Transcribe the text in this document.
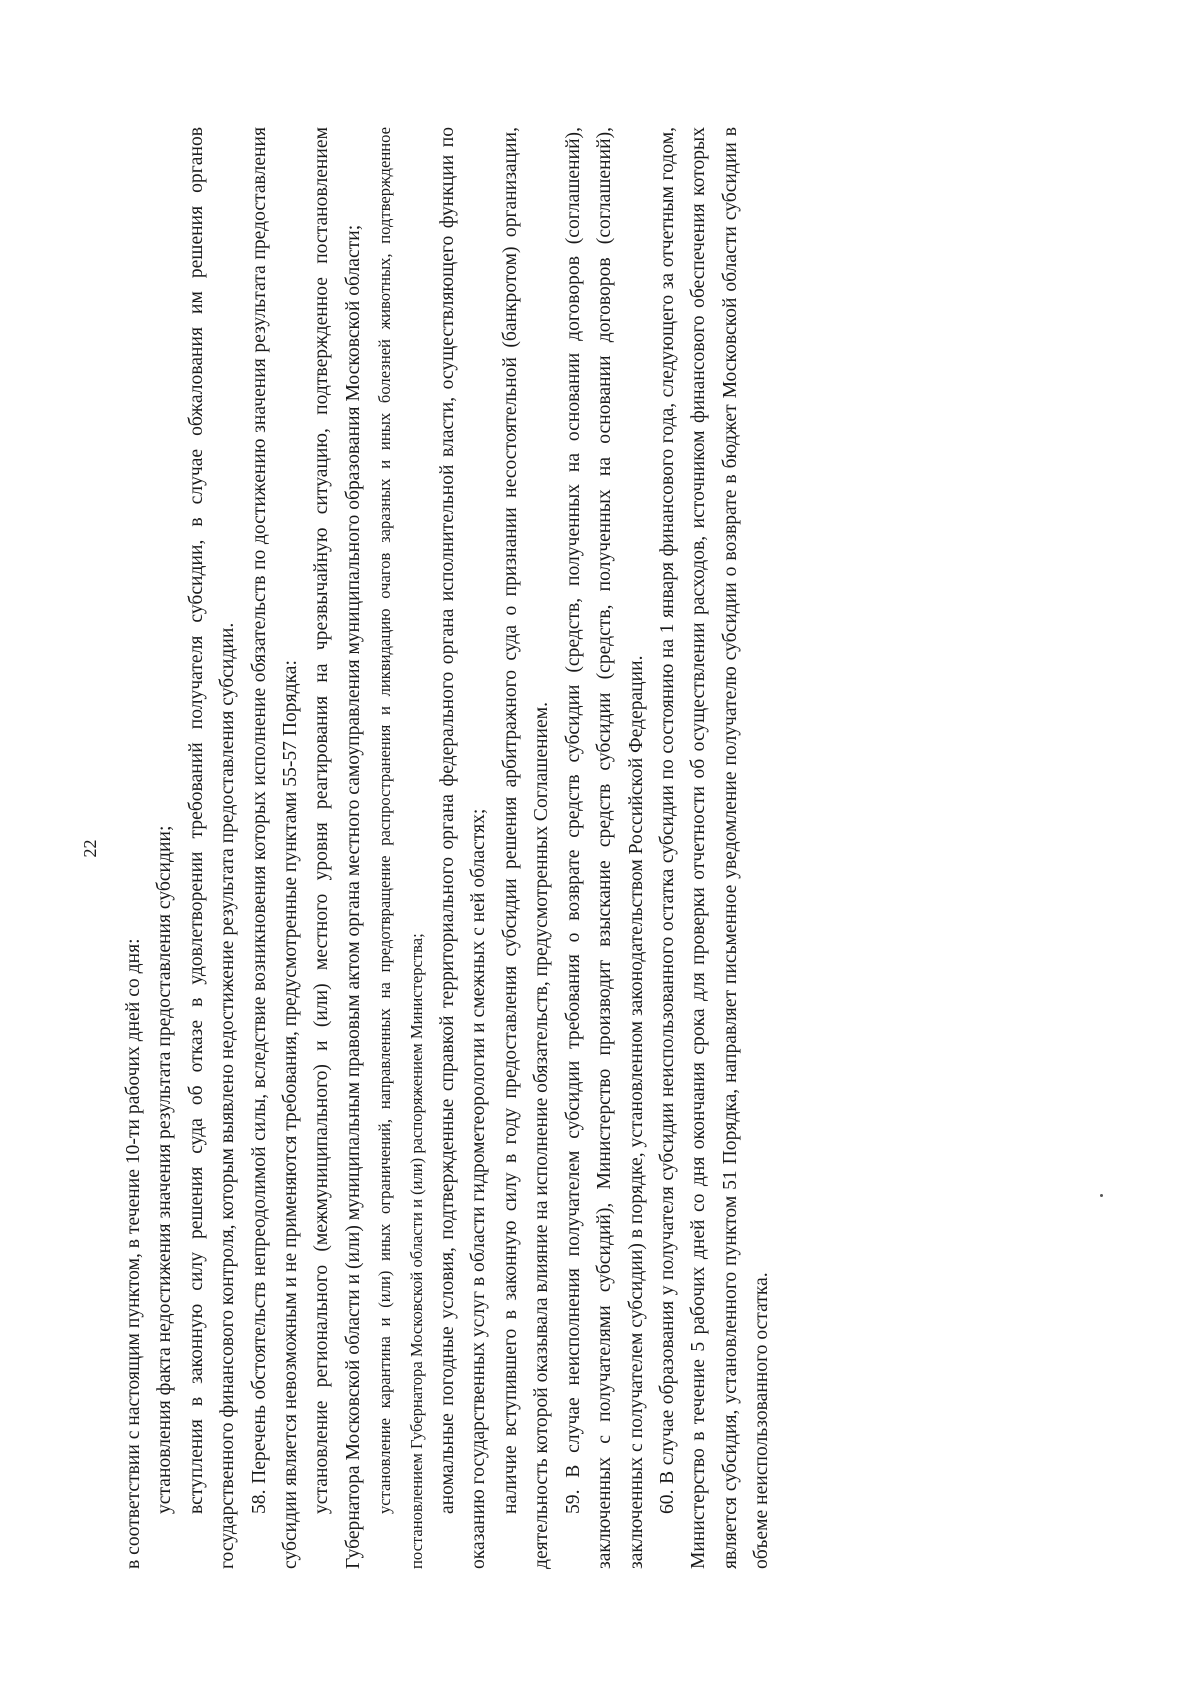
22

в соответствии с настоящим пунктом, в течение 10-ти рабочих дней со дня: установления факта недостижения значения результата предоставления субсидии; вступления в законную силу решения суда об отказе в удовлетворении требований получателя субсидии, в случае обжалования им решения органов государственного финансового контроля, которым выявлено недостижение результата предоставления субсидии. 58. Перечень обстоятельств непреодолимой силы, вследствие возникновения которых исполнение обязательств по достижению значения результата предоставления субсидии является невозможным и не применяются требования, предусмотренные пунктами 55-57 Порядка: установление регионального (межмуниципального) и (или) местного уровня реагирования на чрезвычайную ситуацию, подтвержденное постановлением Губернатора Московской области и (или) муниципальным правовым актом органа местного самоуправления муниципального образования Московской области; установление карантина и (или) иных ограничений, направленных на предотвращение распространения и ликвидацию очагов заразных и иных болезней животных, подтвержденное постановлением Губернатора Московской области и (или) распоряжением Министерства; аномальные погодные условия, подтвержденные справкой территориального органа федерального органа исполнительной власти, осуществляющего функции по оказанию государственных услуг в области гидрометеорологии и смежных с ней областях; наличие вступившего в законную силу в году предоставления субсидии решения арбитражного суда о признании несостоятельной (банкротом) организации, деятельность которой оказывала влияние на исполнение обязательств, предусмотренных Соглашением. 59. В случае неисполнения получателем субсидии требования о возврате средств субсидии (средств, полученных на основании договоров (соглашений), заключенных с получателями субсидий), Министерство производит взыскание средств субсидии (средств, полученных на основании договоров (соглашений), заключенных с получателем субсидии) в порядке, установленном законодательством Российской Федерации. 60. В случае образования у получателя субсидии неиспользованного остатка субсидии по состоянию на 1 января финансового года, следующего за отчетным годом, Министерство в течение 5 рабочих дней со дня окончания срока для проверки отчетности об осуществлении расходов, источником финансового обеспечения которых является субсидия, установленного пунктом 51 Порядка, направляет письменное уведомление получателю субсидии о возврате в бюджет Московской области субсидии в объеме неиспользованного остатка.
